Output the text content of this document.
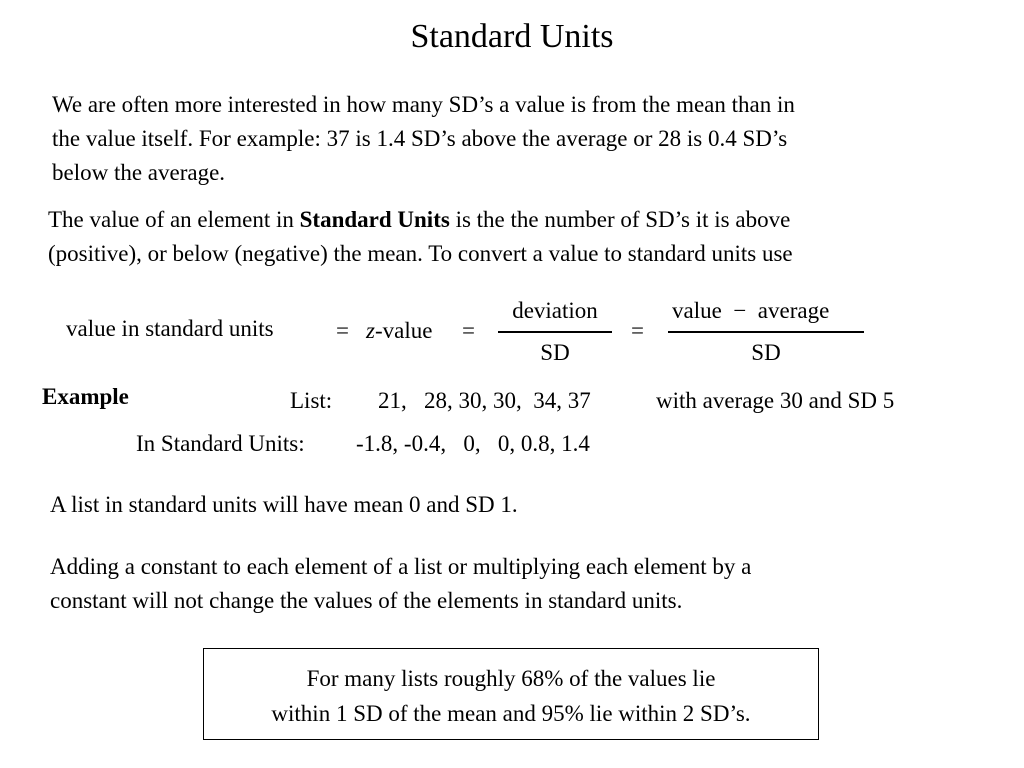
Standard Units
We are often more interested in how many SD’s a value is from the mean than in
the value itself. For example: 37 is 1.4 SD’s above the average or 28 is 0.4 SD’s
below the average.
The value of an element in Standard Units is the the number of SD’s it is above
(positive), or below (negative) the mean. To convert a value to standard units use
value in standard units	= z-value =
deviation
SD
=
value − average
SD
Example	List: 21,   28, 30, 30,  34, 37	with average 30 and SD 5
In Standard Units: -1.8, -0.4,   0,   0, 0.8, 1.4
A list in standard units will have mean 0 and SD 1.
Adding a constant to each element of a list or multiplying each element by a
constant will not change the values of the elements in standard units.
For many lists roughly 68% of the values lie
within 1 SD of the mean and 95% lie within 2 SD’s.
